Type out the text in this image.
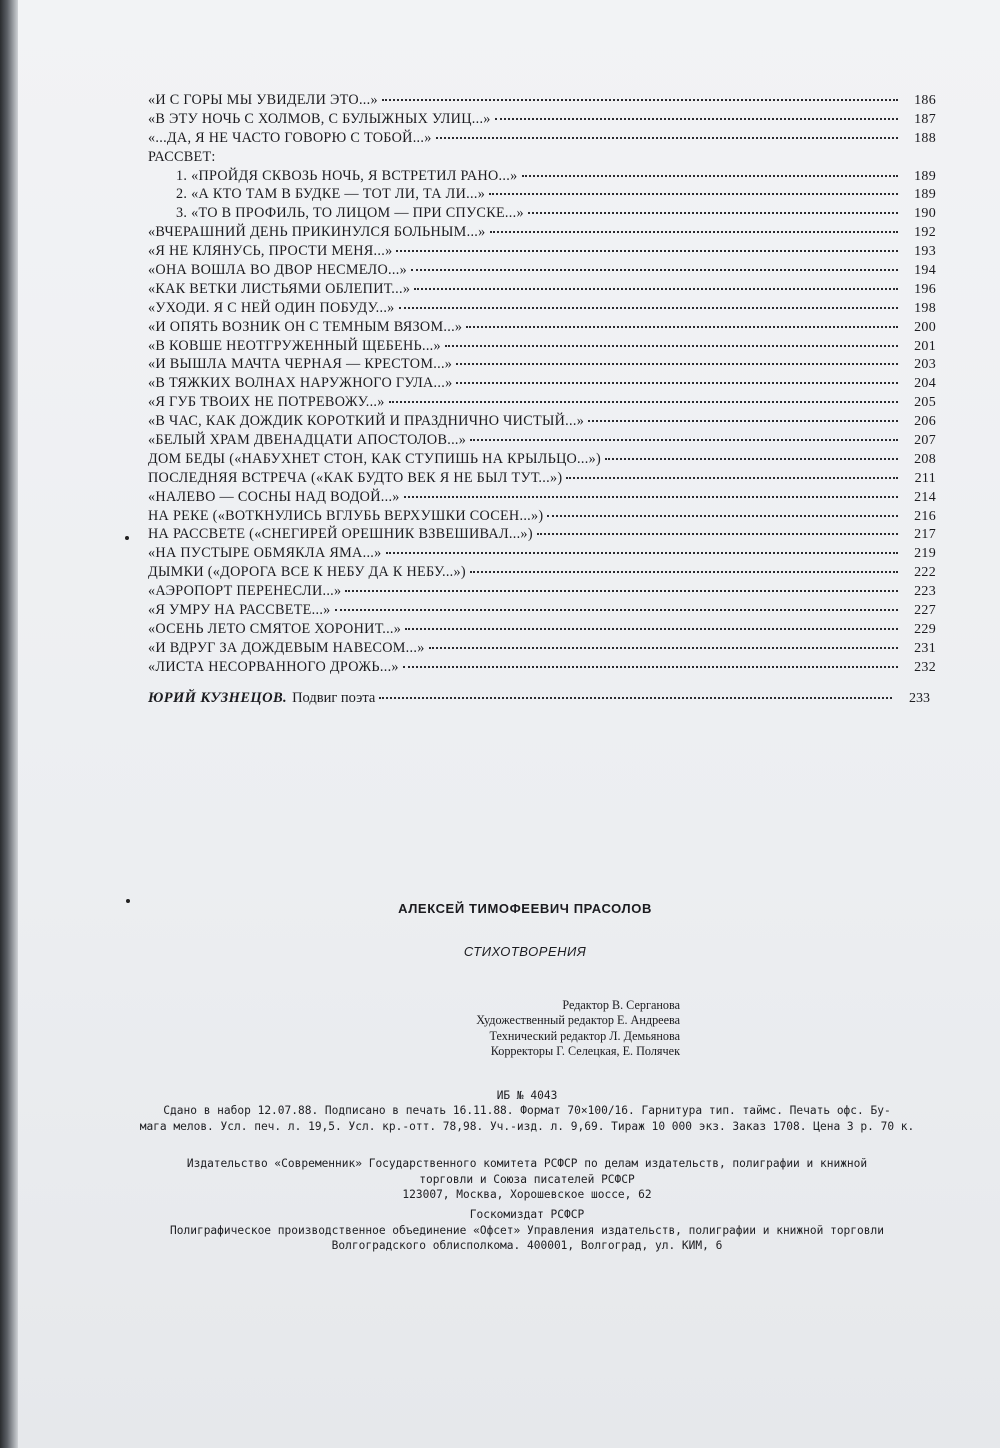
«И С ГОРЫ МЫ УВИДЕЛИ ЭТО...»	186
«В ЭТУ НОЧЬ С ХОЛМОВ, С БУЛЫЖНЫХ УЛИЦ...»	187
«...ДА, Я НЕ ЧАСТО ГОВОРЮ С ТОБОЙ...»	188
РАССВЕТ:
1. «ПРОЙДЯ СКВОЗЬ НОЧЬ, Я ВСТРЕТИЛ РАНО...»	189
2. «А КТО ТАМ В БУДКЕ — ТОТ ЛИ, ТА ЛИ...»	189
3. «ТО В ПРОФИЛЬ, ТО ЛИЦОМ — ПРИ СПУСКЕ...»	190
«ВЧЕРАШНИЙ ДЕНЬ ПРИКИНУЛСЯ БОЛЬНЫМ...»	192
«Я НЕ КЛЯНУСЬ, ПРОСТИ МЕНЯ...»	193
«ОНА ВОШЛА ВО ДВОР НЕСМЕЛО...»	194
«КАК ВЕТКИ ЛИСТЬЯМИ ОБЛЕПИТ...»	196
«УХОДИ. Я С НЕЙ ОДИН ПОБУДУ...»	198
«И ОПЯТЬ ВОЗНИК ОН С ТЕМНЫМ ВЯЗОМ...»	200
«В КОВШЕ НЕОТГРУЖЕННЫЙ ЩЕБЕНЬ...»	201
«И ВЫШЛА МАЧТА ЧЕРНАЯ — КРЕСТОМ...»	203
«В ТЯЖКИХ ВОЛНАХ НАРУЖНОГО ГУЛА...»	204
«Я ГУБ ТВОИХ НЕ ПОТРЕВОЖУ...»	205
«В ЧАС, КАК ДОЖДИК КОРОТКИЙ И ПРАЗДНИЧНО ЧИСТЫЙ...»	206
«БЕЛЫЙ ХРАМ ДВЕНАДЦАТИ АПОСТОЛОВ...»	207
ДОМ БЕДЫ («НАБУХНЕТ СТОН, КАК СТУПИШЬ НА КРЫЛЬЦО...»)	208
ПОСЛЕДНЯЯ ВСТРЕЧА («КАК БУДТО ВЕК Я НЕ БЫЛ ТУТ...»)	211
«НАЛЕВО — СОСНЫ НАД ВОДОЙ...»	214
НА РЕКЕ («ВОТКНУЛИСЬ ВГЛУБЬ ВЕРХУШКИ СОСЕН...»)	216
НА РАССВЕТЕ («СНЕГИРЕЙ ОРЕШНИК ВЗВЕШИВАЛ...»)	217
«НА ПУСТЫРЕ ОБМЯКЛА ЯМА...»	219
ДЫМКИ («ДОРОГА ВСЕ К НЕБУ ДА К НЕБУ...»)	222
«АЭРОПОРТ ПЕРЕНЕСЛИ...»	223
«Я УМРУ НА РАССВЕТЕ...»	227
«ОСЕНЬ ЛЕТО СМЯТОЕ ХОРОНИТ...»	229
«И ВДРУГ ЗА ДОЖДЕВЫМ НАВЕСОМ...»	231
«ЛИСТА НЕСОРВАННОГО ДРОЖЬ...»	232
ЮРИЙ КУЗНЕЦОВ. Подвиг поэта	233
АЛЕКСЕЙ ТИМОФЕЕВИЧ ПРАСОЛОВ
СТИХОТВОРЕНИЯ
Редактор В. Серганова
Художественный редактор Е. Андреева
Технический редактор Л. Демьянова
Корректоры Г. Селецкая, Е. Полячек
ИБ № 4043
Сдано в набор 12.07.88. Подписано в печать 16.11.88. Формат 70×100/16. Гарнитура тип. таймс. Печать офс. Бу-
мага мелов. Усл. печ. л. 19,5. Усл. кр.-отт. 78,98. Уч.-изд. л. 9,69. Тираж 10 000 экз. Заказ 1708. Цена 3 р. 70 к.
Издательство «Современник» Государственного комитета РСФСР по делам издательств, полиграфии и книжной
торговли и Союза писателей РСФСР
123007, Москва, Хорошевское шоссе, 62
Госкомиздат РСФСР
Полиграфическое производственное объединение «Офсет» Управления издательств, полиграфии и книжной торговли
Волгоградского облисполкома. 400001, Волгоград, ул. КИМ, 6
